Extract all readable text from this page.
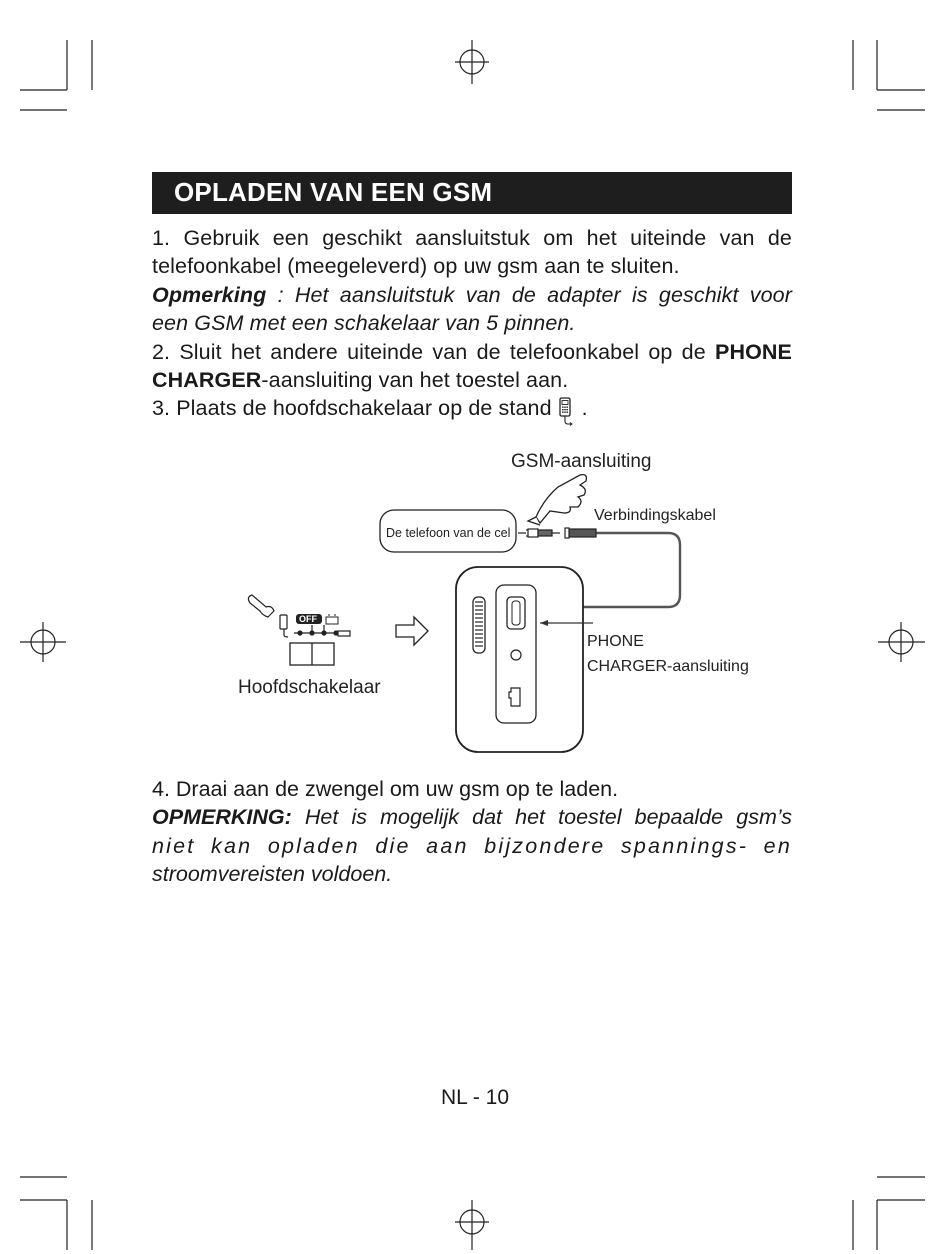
OPLADEN VAN EEN GSM

1. Gebruik een geschikt aansluitstuk om het uiteinde van de

telefoonkabel (meegeleverd) op uw gsm aan te sluiten.

Opmerking : Het aansluitstuk van de adapter is geschikt voor

een GSM met een schakelaar van 5 pinnen.

2. Sluit het andere uiteinde van de telefoonkabel op de PHONE

CHARGER-aansluiting van het toestel aan.

3. Plaats de hoofdschakelaar op de stand .

GSM-aansluiting
De telefoon van de cel
Verbindingskabel
OFF
Hoofdschakelaar
PHONE
CHARGER-aansluiting

4. Draai aan de zwengel om uw gsm op te laden.

OPMERKING: Het is mogelijk dat het toestel bepaalde gsm’s

niet kan opladen die aan bijzondere spannings- en

stroomvereisten voldoen.

NL - 10
